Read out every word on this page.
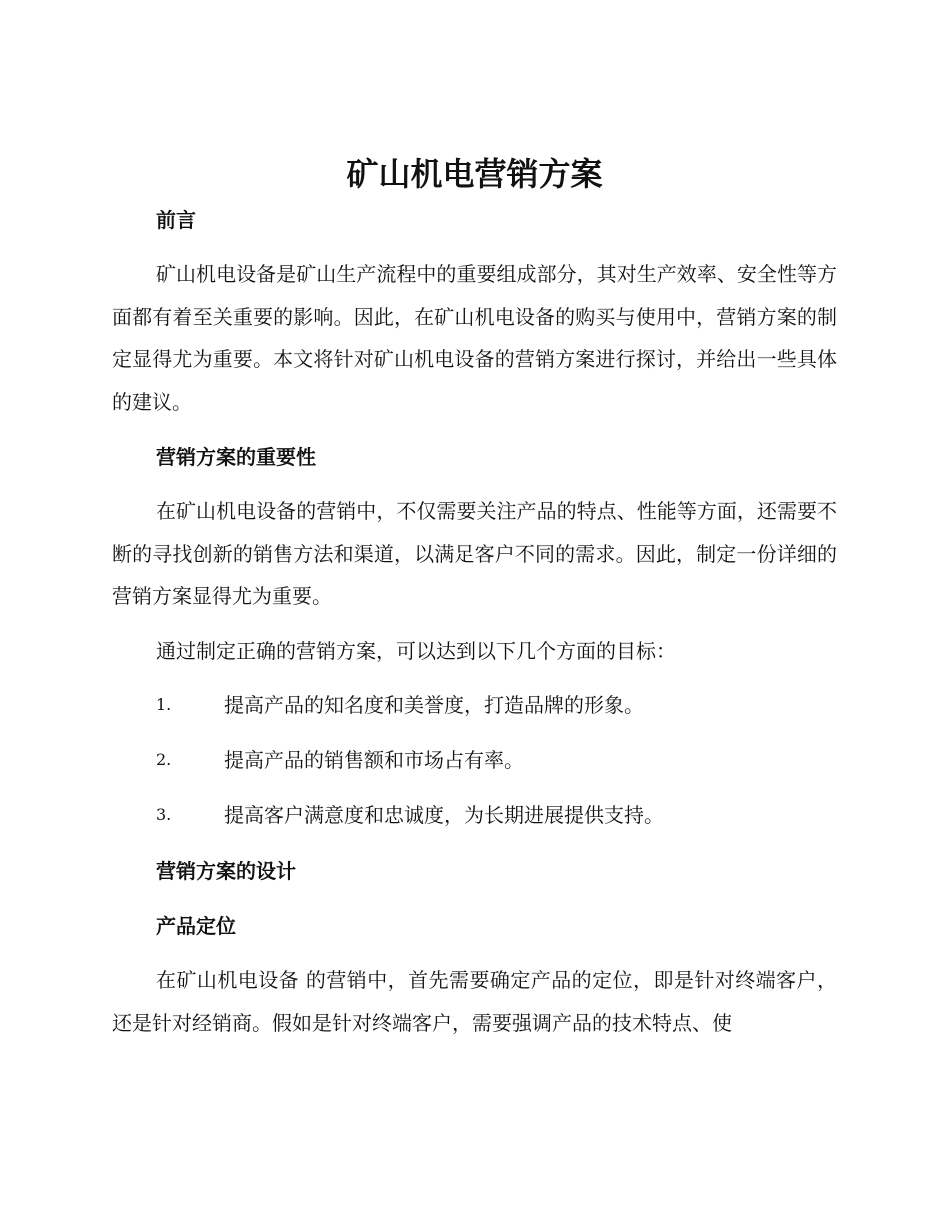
矿山机电营销方案
前言

矿山机电设备是矿山生产流程中的重要组成部分，其对生产效率、安全性等方面都有着至关重要的影响。因此，在矿山机电设备的购买与使用中，营销方案的制定显得尤为重要。本文将针对矿山机电设备的营销方案进行探讨，并给出一些具体的建议。

营销方案的重要性

在矿山机电设备的营销中，不仅需要关注产品的特点、性能等方面，还需要不断的寻找创新的销售方法和渠道，以满足客户不同的需求。因此，制定一份详细的营销方案显得尤为重要。

通过制定正确的营销方案，可以达到以下几个方面的目标：

1.	提高产品的知名度和美誉度，打造品牌的形象。
2.	提高产品的销售额和市场占有率。
3.	提高客户满意度和忠诚度，为长期进展提供支持。
营销方案的设计
产品定位

在矿山机电设备 的营销中，首先需要确定产品的定位，即是针对终端客户，还是针对经销商。假如是针对终端客户，需要强调产品的技术特点、使
